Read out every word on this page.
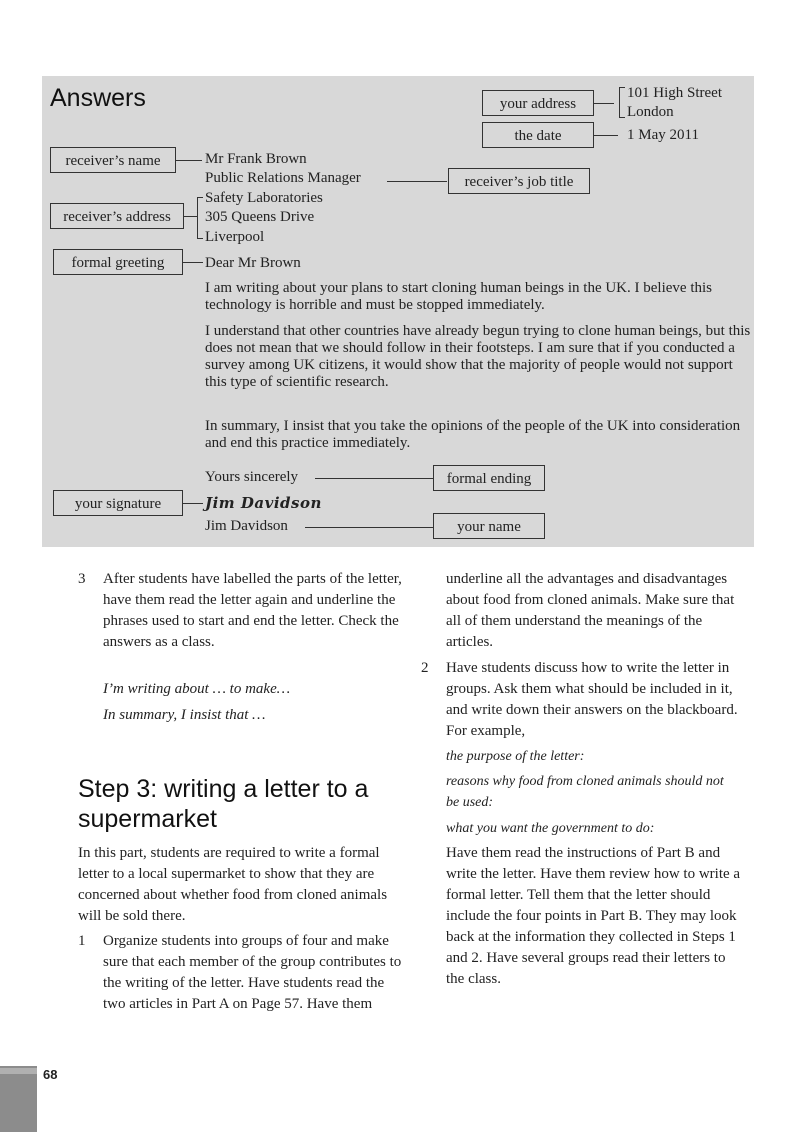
Answers	your address
101 High Street
London
the date	1 May 2011
receiver’s name	Mr Frank Brown
Public Relations Manager	receiver’s job title
receiver’s address
Safety Laboratories
305 Queens Drive
Liverpool
formal greeting	Dear Mr Brown
I am writing about your plans to start cloning human beings in the UK. I believe this technology is horrible and must be stopped immediately.
I understand that other countries have already begun trying to clone human beings, but this does not mean that we should follow in their footsteps. I am sure that if you conducted a survey among UK citizens, it would show that the majority of people would not support this type of scientific research.
In summary, I insist that you take the opinions of the people of the UK into consideration and end this practice immediately.
Yours sincerely	formal ending
your signature	Jim Davidson
Jim Davidson	your name
3 After students have labelled the parts of the letter, have them read the letter again and underline the phrases used to start and end the letter. Check the answers as a class.
I’m writing about … to make…
In summary, I insist that …
Step 3: writing a letter to a supermarket
In this part, students are required to write a formal letter to a local supermarket to show that they are concerned about whether food from cloned animals will be sold there.
1 Organize students into groups of four and make sure that each member of the group contributes to the writing of the letter. Have students read the two articles in Part A on Page 57. Have them
underline all the advantages and disadvantages about food from cloned animals. Make sure that all of them understand the meanings of the articles.
2 Have students discuss how to write the letter in groups. Ask them what should be included in it, and write down their answers on the blackboard. For example,
the purpose of the letter:
reasons why food from cloned animals should not be used:
what you want the government to do:
Have them read the instructions of Part B and write the letter. Have them review how to write a formal letter. Tell them that the letter should include the four points in Part B. They may look back at the information they collected in Steps 1 and 2. Have several groups read their letters to the class.
68
